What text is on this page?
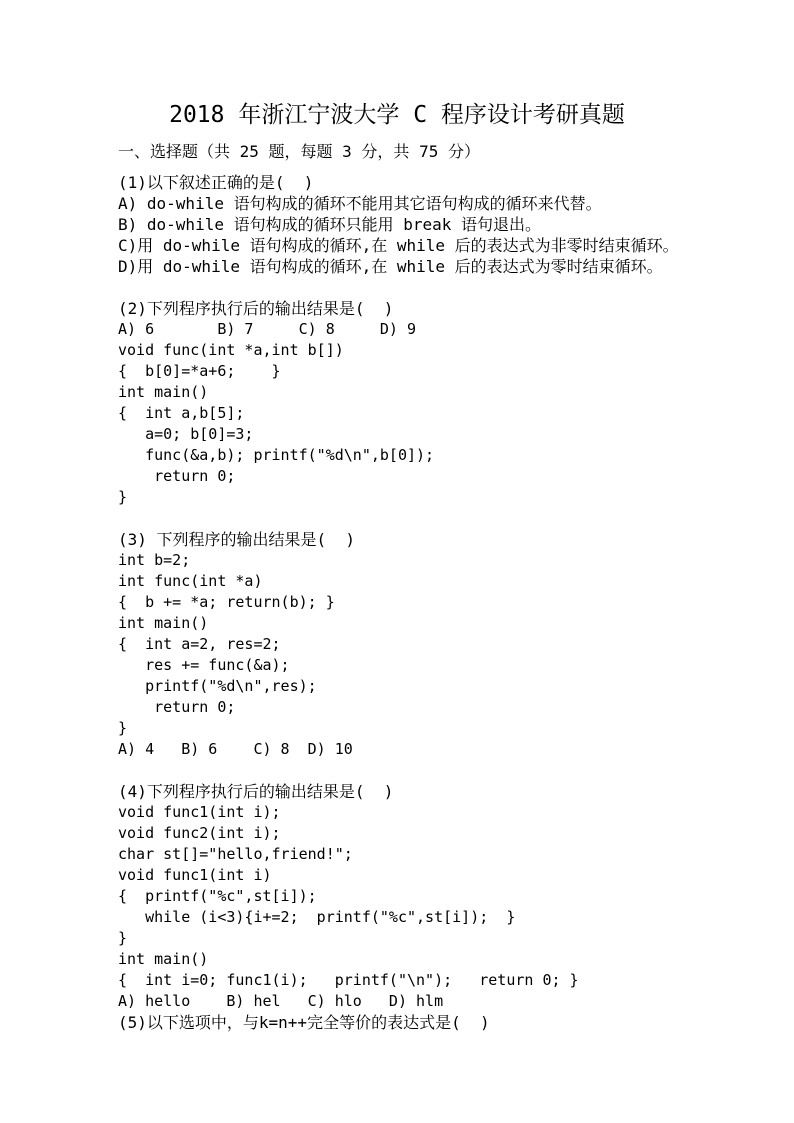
2018 年浙江宁波大学 C 程序设计考研真题
一、选择题（共 25 题，每题 3 分，共 75 分）
(1)以下叙述正确的是(  )
A) do-while 语句构成的循环不能用其它语句构成的循环来代替。
B) do-while 语句构成的循环只能用 break 语句退出。
C)用 do-while 语句构成的循环,在 while 后的表达式为非零时结束循环。
D)用 do-while 语句构成的循环,在 while 后的表达式为零时结束循环。
(2)下列程序执行后的输出结果是(  )
A) 6       B) 7     C) 8     D) 9
void func(int *a,int b[])
{  b[0]=*a+6;    }
int main()
{  int a,b[5];
a=0; b[0]=3;
func(&a,b); printf("%d\n",b[0]);
return 0;
}
(3) 下列程序的输出结果是(  )
int b=2;
int func(int *a)
{  b += *a; return(b); }
int main()
{  int a=2, res=2;
res += func(&a);
printf("%d\n",res);
return 0;
}
A) 4   B) 6    C) 8  D) 10
(4)下列程序执行后的输出结果是(  )
void func1(int i);
void func2(int i);
char st[]="hello,friend!";
void func1(int i)
{  printf("%c",st[i]);
while (i<3){i+=2;  printf("%c",st[i]);  }
}
int main()
{  int i=0; func1(i);   printf("\n");   return 0; }
A) hello    B) hel   C) hlo   D) hlm
(5)以下选项中，与k=n++完全等价的表达式是(  )
